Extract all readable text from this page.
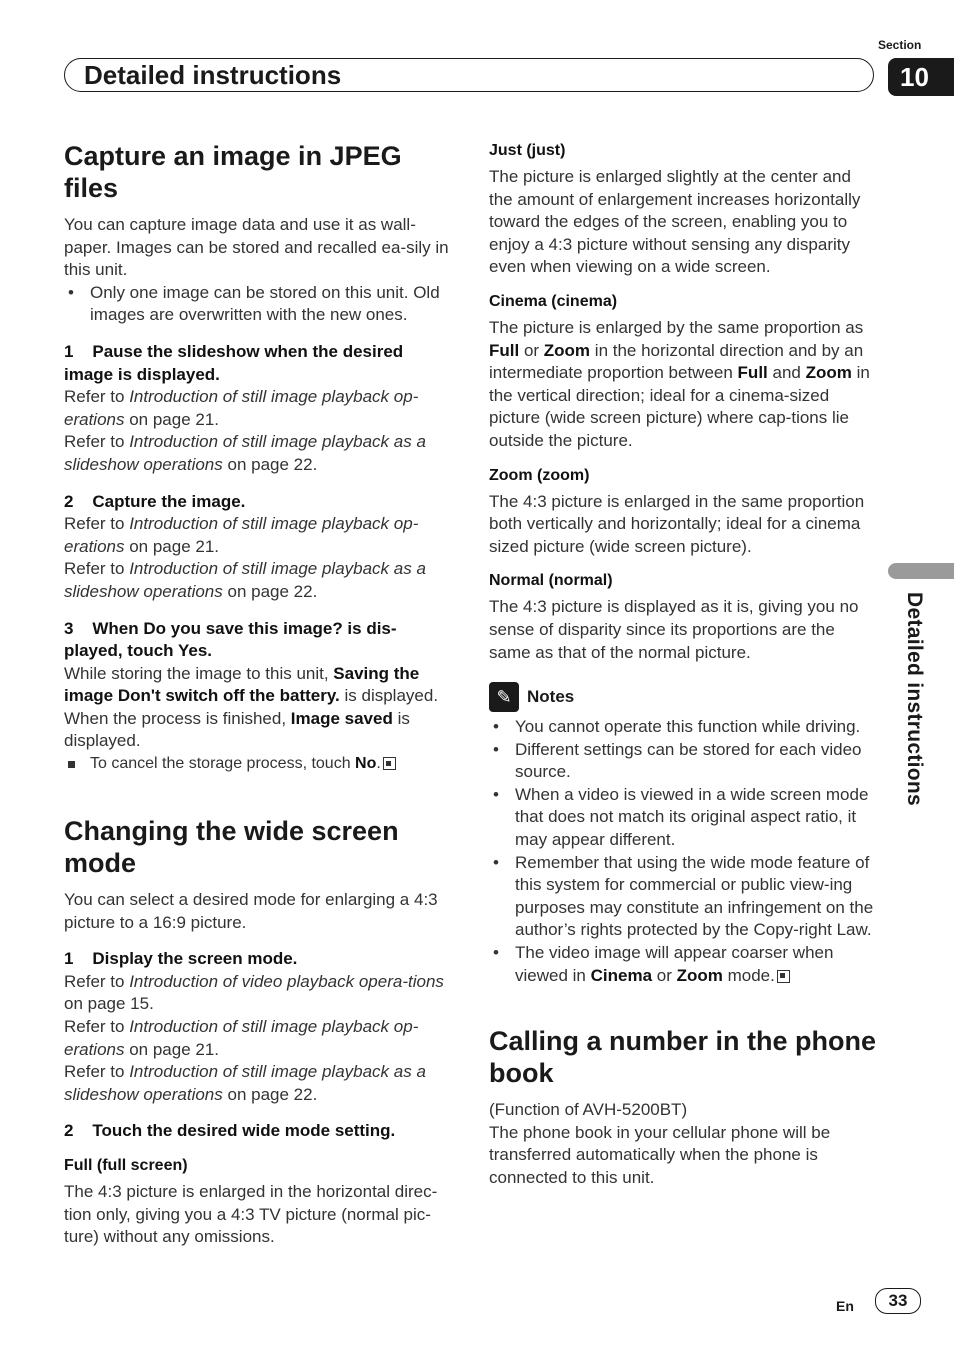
Section
10
Detailed instructions
Detailed instructions
Capture an image in JPEG files

You can capture image data and use it as wall-paper. Images can be stored and recalled ea-sily in this unit.

• Only one image can be stored on this unit. Old images are overwritten with the new ones.
1 Pause the slideshow when the desired image is displayed.

Refer to Introduction of still image playback op-erations on page 21.

Refer to Introduction of still image playback as a slideshow operations on page 22.

2 Capture the image.

Refer to Introduction of still image playback op-erations on page 21.

Refer to Introduction of still image playback as a slideshow operations on page 22.

3 When Do you save this image? is dis-played, touch Yes.

While storing the image to this unit, Saving the image Don't switch off the battery. is displayed. When the process is finished, Image saved is displayed.

To cancel the storage process, touch No.
Changing the wide screen mode

You can select a desired mode for enlarging a 4:3 picture to a 16:9 picture.

1 Display the screen mode.

Refer to Introduction of video playback opera-tions on page 15.

Refer to Introduction of still image playback op-erations on page 21.

Refer to Introduction of still image playback as a slideshow operations on page 22.

2 Touch the desired wide mode setting.
Full (full screen)

The 4:3 picture is enlarged in the horizontal direc-tion only, giving you a 4:3 TV picture (normal pic-ture) without any omissions.

Just (just)

The picture is enlarged slightly at the center and the amount of enlargement increases horizontally toward the edges of the screen, enabling you to enjoy a 4:3 picture without sensing any disparity even when viewing on a wide screen.

Cinema (cinema)

The picture is enlarged by the same proportion as Full or Zoom in the horizontal direction and by an intermediate proportion between Full and Zoom in the vertical direction; ideal for a cinema-sized picture (wide screen picture) where cap-tions lie outside the picture.

Zoom (zoom)

The 4:3 picture is enlarged in the same proportion both vertically and horizontally; ideal for a cinema sized picture (wide screen picture).

Normal (normal)

The 4:3 picture is displayed as it is, giving you no sense of disparity since its proportions are the same as that of the normal picture.

✎ Notes
• You cannot operate this function while driving.
• Different settings can be stored for each video source.
• When a video is viewed in a wide screen mode that does not match its original aspect ratio, it may appear different.
• Remember that using the wide mode feature of this system for commercial or public view-ing purposes may constitute an infringement on the author’s rights protected by the Copy-right Law.
• The video image will appear coarser when viewed in Cinema or Zoom mode.
Calling a number in the phone book

(Function of AVH-5200BT)

The phone book in your cellular phone will be transferred automatically when the phone is connected to this unit.

En	33
